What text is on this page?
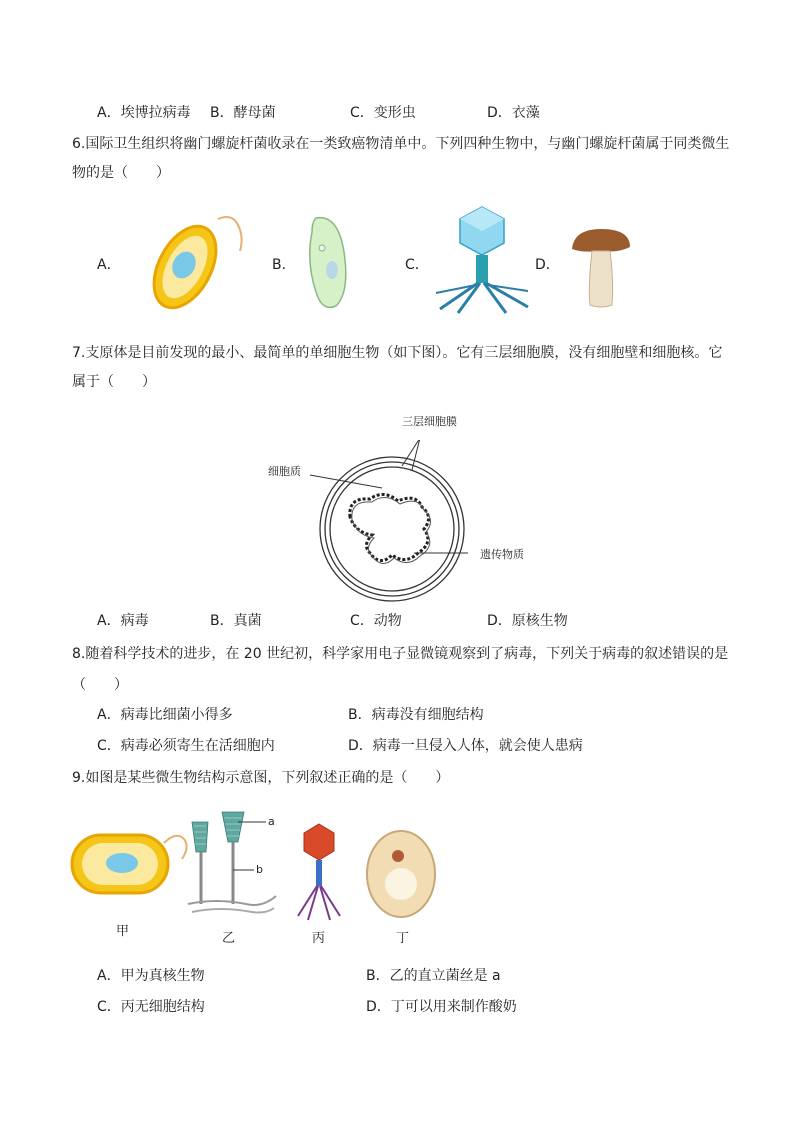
A．埃博拉病毒 B．酵母菌	C．变形虫	D．衣藻
6.国际卫生组织将幽门螺旋杆菌收录在一类致癌物清单中。下列四种生物中，与幽门螺旋杆菌属于同类微生
物的是（　　）
A．	B．	C．	D．
7.支原体是目前发现的最小、最简单的单细胞生物（如下图）。它有三层细胞膜，没有细胞壁和细胞核。它
属于（　　）
三层细胞膜
细胞质
遗传物质
A．病毒	B．真菌	C．动物	D．原核生物
8.随着科学技术的进步，在 20 世纪初，科学家用电子显微镜观察到了病毒，下列关于病毒的叙述错误的是
（　　）
A．病毒比细菌小得多	B．病毒没有细胞结构
C．病毒必须寄生在活细胞内	D．病毒一旦侵入人体，就会使人患病
9.如图是某些微生物结构示意图，下列叙述正确的是（　　）
a
b
甲	乙	丙	丁
A．甲为真核生物	B．乙的直立菌丝是 a
C．丙无细胞结构	D．丁可以用来制作酸奶
